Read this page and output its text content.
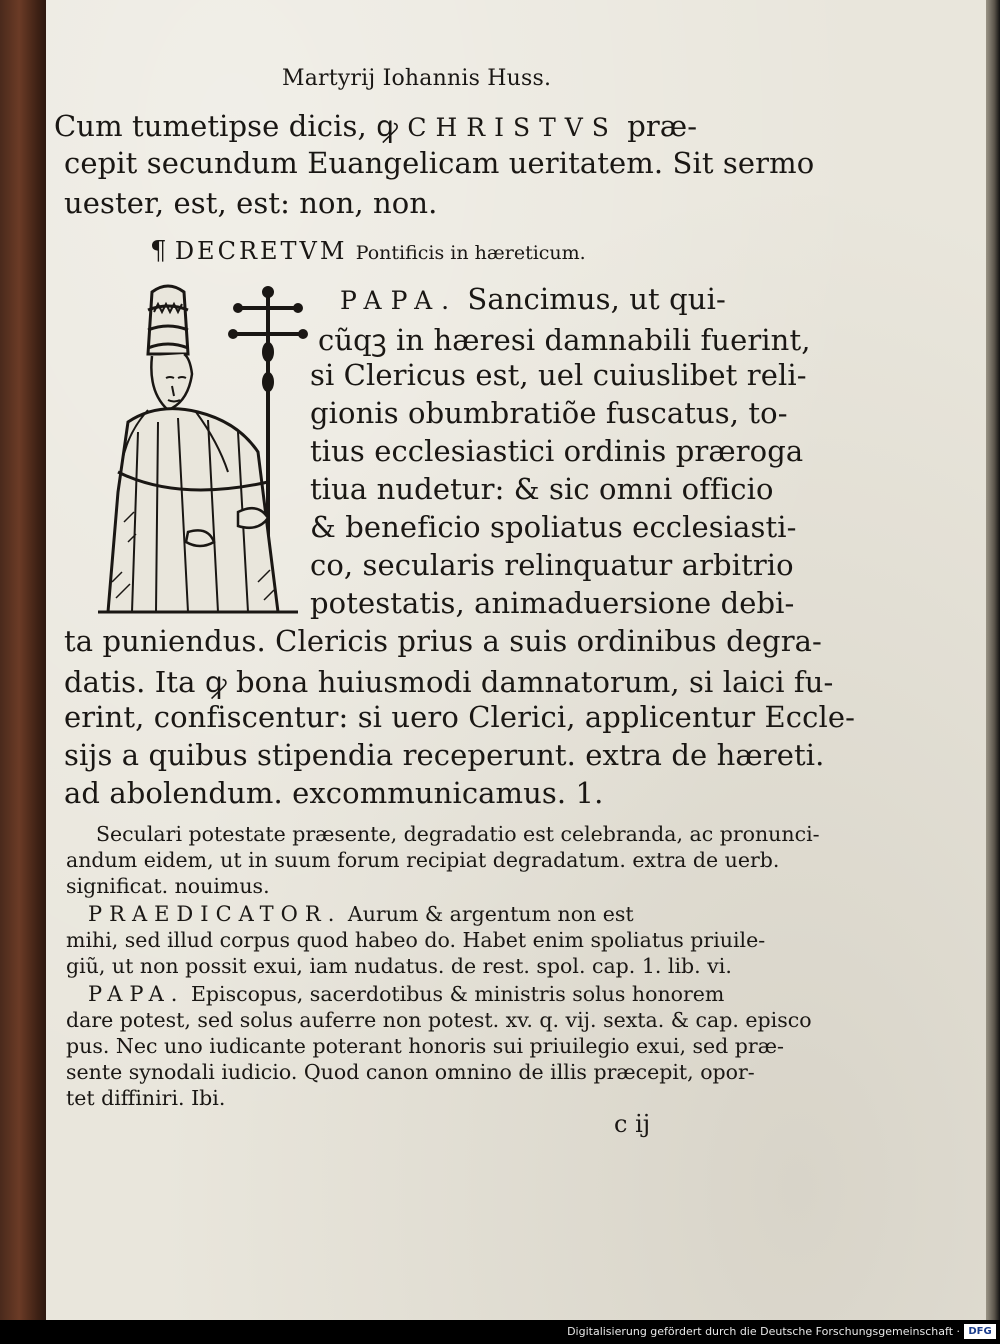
Martyrij Iohannis Huss.
Cum tumetipse dicis, ꝙ CHRISTVS præ-
cepit secundum Euangelicam ueritatem. Sit sermo
uester, est, est: non, non.
¶ DECRETVM Pontificis in hæreticum.
PAPA. Sancimus, ut qui-
cũqꝫ in hæresi damnabili fuerint,
si Clericus est, uel cuiuslibet reli-
gionis obumbratiõe fuscatus, to-
tius ecclesiastici ordinis præroga
tiua nudetur: & sic omni officio
& beneficio spoliatus ecclesiasti-
co, secularis relinquatur arbitrio
potestatis, animaduersione debi-
ta puniendus. Clericis prius a suis ordinibus degra-
datis. Ita ꝙ bona huiusmodi damnatorum, si laici fu-
erint, confiscentur: si uero Clerici, applicentur Eccle-
sijs a quibus stipendia receperunt. extra de hæreti.
ad abolendum. excommunicamus. 1.
Seculari potestate præsente, degradatio est celebranda, ac pronunci-
andum eidem, ut in suum forum recipiat degradatum. extra de uerb.
significat. nouimus.
PRAEDICATOR. Aurum & argentum non est
mihi, sed illud corpus quod habeo do. Habet enim spoliatus priuile-
giũ, ut non possit exui, iam nudatus. de rest. spol. cap. 1. lib. vi.
PAPA. Episcopus, sacerdotibus & ministris solus honorem
dare potest, sed solus auferre non potest. xv. q. vij. sexta. & cap. episco
pus. Nec uno iudicante poterant honoris sui priuilegio exui, sed præ-
sente synodali iudicio. Quod canon omnino de illis præcepit, opor-
tet diffiniri. Ibi.
c ij
Digitalisierung gefördert durch die Deutsche Forschungsgemeinschaft · DFG
